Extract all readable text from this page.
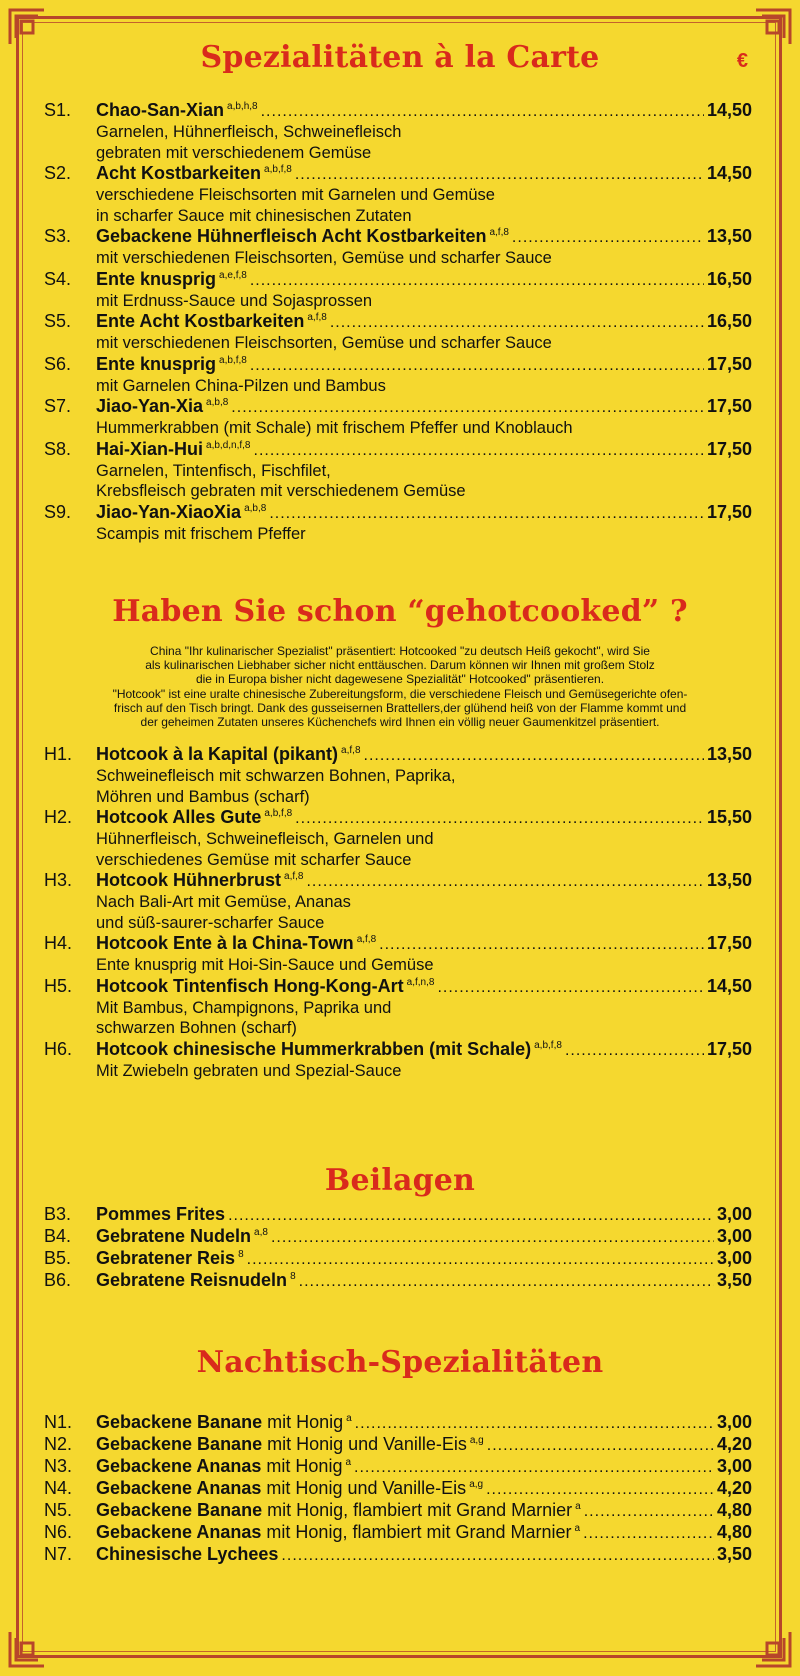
Spezialitäten à la Carte	€
S1.	Chao-San-Xian $^{a,b,h,8}$ .....	14,50
Garnelen, Hühnerfleisch, Schweinefleisch
gebraten mit verschiedenem Gemüse
S2.	Acht Kostbarkeiten $^{a,b,f,8}$ .....	14,50
verschiedene Fleischsorten mit Garnelen und Gemüse
in scharfer Sauce mit chinesischen Zutaten
S3.	Gebackene Hühnerfleisch Acht Kostbarkeiten $^{a,f,8}$ .....	13,50
mit verschiedenen Fleischsorten, Gemüse und scharfer Sauce
S4.	Ente knusprig $^{a,e,f,8}$ .....	16,50
mit Erdnuss-Sauce und Sojasprossen
S5.	Ente Acht Kostbarkeiten $^{a,f,8}$ .....	16,50
mit verschiedenen Fleischsorten, Gemüse und scharfer Sauce
S6.	Ente knusprig $^{a,b,f,8}$ .....	17,50
mit Garnelen China-Pilzen und Bambus
S7.	Jiao-Yan-Xia $^{a,b,8}$ .....	17,50
Hummerkrabben (mit Schale) mit frischem Pfeffer und Knoblauch
S8.	Hai-Xian-Hui $^{a,b,d,n,f,8}$ .....	17,50
Garnelen, Tintenfisch, Fischfilet,
Krebsfleisch gebraten mit verschiedenem Gemüse
S9.	Jiao-Yan-XiaoXia $^{a,b,8}$ .....	17,50
Scampis mit frischem Pfeffer
Haben Sie schon “gehotcooked” ?
China "Ihr kulinarischer Spezialist" präsentiert: Hotcooked "zu deutsch Heiß gekocht", wird Sie
als kulinarischen Liebhaber sicher nicht enttäuschen. Darum können wir Ihnen mit großem Stolz
die in Europa bisher nicht dagewesene Spezialität" Hotcooked" präsentieren.
"Hotcook" ist eine uralte chinesische Zubereitungsform, die verschiedene Fleisch und Gemüsegerichte ofen-
frisch auf den Tisch bringt. Dank des gusseisernen Brattellers,der glühend heiß von der Flamme kommt und
der geheimen Zutaten unseres Küchenchefs wird Ihnen ein völlig neuer Gaumenkitzel präsentiert.
H1.	Hotcook à la Kapital (pikant) $^{a,f,8}$ .....	13,50
Schweinefleisch mit schwarzen Bohnen, Paprika,
Möhren und Bambus (scharf)
H2.	Hotcook Alles Gute $^{a,b,f,8}$ .....	15,50
Hühnerfleisch, Schweinefleisch, Garnelen und
verschiedenes Gemüse mit scharfer Sauce
H3.	Hotcook Hühnerbrust $^{a,f,8}$ .....	13,50
Nach Bali-Art mit Gemüse, Ananas
und süß-saurer-scharfer Sauce
H4.	Hotcook Ente à la China-Town $^{a,f,8}$ .....	17,50
Ente knusprig mit Hoi-Sin-Sauce und Gemüse
H5.	Hotcook Tintenfisch Hong-Kong-Art $^{a,f,n,8}$ .....	14,50
Mit Bambus, Champignons, Paprika und
schwarzen Bohnen (scharf)
H6.	Hotcook chinesische Hummerkrabben (mit Schale) $^{a,b,f,8}$ .....	17,50
Mit Zwiebeln gebraten und Spezial-Sauce
Beilagen
B3.	Pommes Frites .....	3,00
B4.	Gebratene Nudeln $^{a,8}$ .....	3,00
B5.	Gebratener Reis $^8$ .....	3,00
B6.	Gebratene Reisnudeln $^8$ .....	3,50
Nachtisch-Spezialitäten
N1.	Gebackene Banane mit Honig $^a$ .....	3,00
N2.	Gebackene Banane mit Honig und Vanille-Eis $^{a,g}$ .....	4,20
N3.	Gebackene Ananas mit Honig $^a$ .....	3,00
N4.	Gebackene Ananas mit Honig und Vanille-Eis $^{a,g}$ .....	4,20
N5.	Gebackene Banane mit Honig, flambiert mit Grand Marnier $^a$ .....	4,80
N6.	Gebackene Ananas mit Honig, flambiert mit Grand Marnier $^a$ .....	4,80
N7.	Chinesische Lychees .....	3,50
